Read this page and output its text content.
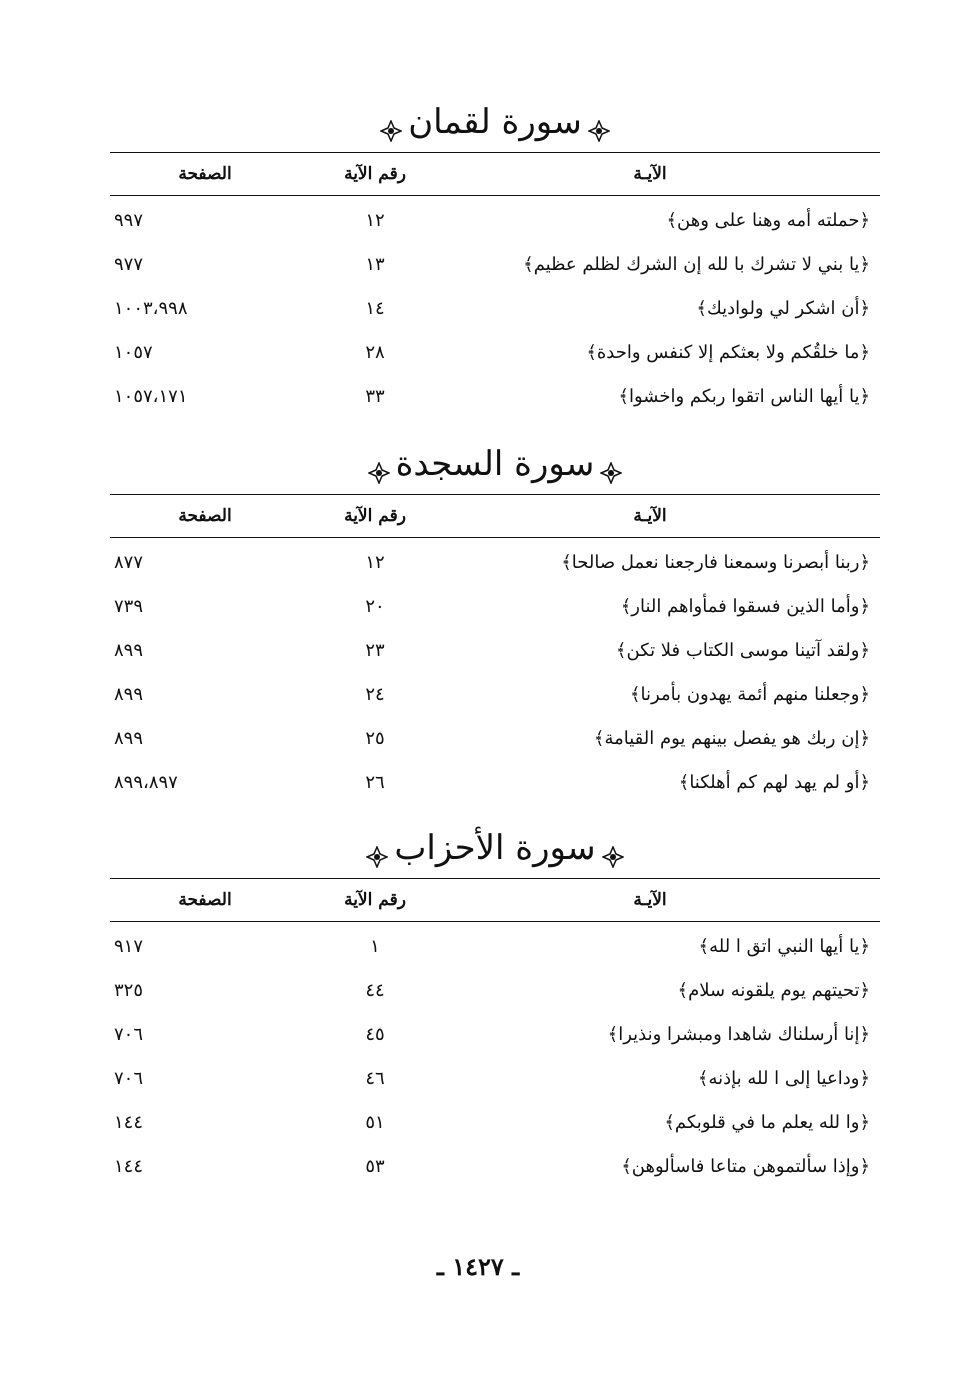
سورة لقمان
الآيـة
رقم الآية
الصفحة
﴿حملته أمه وهنا على وهن﴾
١٢
٩٩٧
﴿يا بني لا تشرك با لله إن الشرك لظلم عظيم﴾
١٣
٩٧٧
﴿أن اشكر لي ولواديك﴾
١٤
١٠٠٣،٩٩٨
﴿ما خلقُكم ولا بعثكم إلا كنفس واحدة﴾
٢٨
١٠٥٧
﴿يا أيها الناس اتقوا ربكم واخشوا﴾
٣٣
١٠٥٧،١٧١
سورة السجدة
الآيـة
رقم الآية
الصفحة
﴿ربنا أبصرنا وسمعنا فارجعنا نعمل صالحا﴾
١٢
٨٧٧
﴿وأما الذين فسقوا فمأواهم النار﴾
٢٠
٧٣٩
﴿ولقد آتينا موسى الكتاب فلا تكن﴾
٢٣
٨٩٩
﴿وجعلنا منهم أئمة يهدون بأمرنا﴾
٢٤
٨٩٩
﴿إن ربك هو يفصل بينهم يوم القيامة﴾
٢٥
٨٩٩
﴿أو لم يهد لهم كم أهلكنا﴾
٢٦
٨٩٩،٨٩٧
سورة الأحزاب
الآيـة
رقم الآية
الصفحة
﴿يا أيها النبي اتق ا لله﴾
١
٩١٧
﴿تحيتهم يوم يلقونه سلام﴾
٤٤
٣٢٥
﴿إنا أرسلناك شاهدا ومبشرا ونذيرا﴾
٤٥
٧٠٦
﴿وداعيا إلى ا لله بإذنه﴾
٤٦
٧٠٦
﴿وا لله يعلم ما في قلوبكم﴾
٥١
١٤٤
﴿وإذا سألتموهن متاعا فاسألوهن﴾
٥٣
١٤٤
ـ ١٤٢٧ ـ
